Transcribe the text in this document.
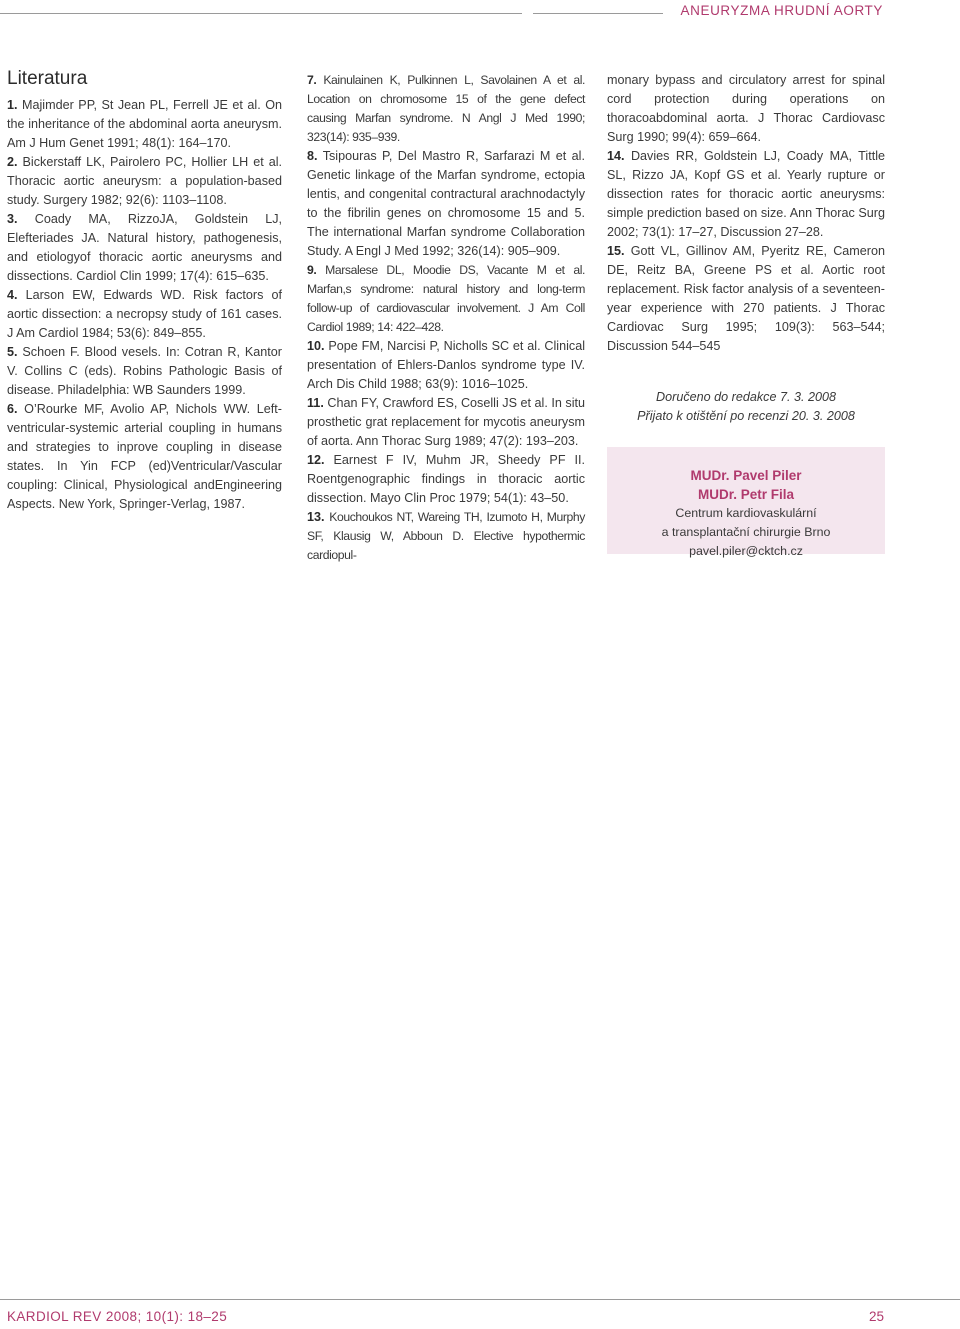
ANEURYZMA HRUDNÍ AORTY
Literatura

1. Majimder PP, St Jean PL, Ferrell JE et al. On the inheritance of the abdominal aorta aneurysm. Am J Hum Genet 1991; 48(1): 164–170.

2. Bickerstaff LK, Pairolero PC, Hollier LH et al. Thoracic aortic aneurysm: a population-based study. Surgery 1982; 92(6): 1103–1108.

3. Coady MA, RizzoJA, Goldstein LJ, Elefteriades JA. Natural history, pathogenesis, and etiologyof thoracic aortic aneurysms and dissections. Cardiol Clin 1999; 17(4): 615–635.

4. Larson EW, Edwards WD. Risk factors of aortic dissection: a necropsy study of 161 cases. J Am Cardiol 1984; 53(6): 849–855.

5. Schoen F. Blood vesels. In: Cotran R, Kantor V. Collins C (eds). Robins Pathologic Basis of disease. Philadelphia: WB Saunders 1999.

6. O’Rourke MF, Avolio AP, Nichols WW. Left-ventricular-systemic arterial coupling in humans and strategies to inprove coupling in disease states. In Yin FCP (ed)Ventricular/Vascular coupling: Clinical, Physiological andEngineering Aspects. New York, Springer-Verlag, 1987.

7. Kainulainen K, Pulkinnen L, Savolainen A et al. Location on chromosome 15 of the gene defect causing Marfan syndrome. N Angl J Med 1990; 323(14): 935–939.

8. Tsipouras P, Del Mastro R, Sarfarazi M et al. Genetic linkage of the Marfan syndrome, ectopia lentis, and congenital contractural arachnodactyly to the fibrilin genes on chromosome 15 and 5. The international Marfan syndrome Collaboration Study. A Engl J Med 1992; 326(14): 905–909.

9. Marsalese DL, Moodie DS, Vacante M et al. Marfan,s syndrome: natural history and long-term follow-up of cardiovascular involvement. J Am Coll Cardiol 1989; 14: 422–428.

10. Pope FM, Narcisi P, Nicholls SC et al. Clinical presentation of Ehlers-Danlos syndrome type IV. Arch Dis Child 1988; 63(9): 1016–1025.

11. Chan FY, Crawford ES, Coselli JS et al. In situ prosthetic grat replacement for mycotis aneurysm of aorta. Ann Thorac Surg 1989; 47(2): 193–203.

12. Earnest F IV, Muhm JR, Sheedy PF II. Roentgenographic findings in thoracic aortic dissection. Mayo Clin Proc 1979; 54(1): 43–50.

13. Kouchoukos NT, Wareing TH, Izumoto H, Murphy SF, Klausig W, Abboun D. Elective hypothermic cardiopul-

monary bypass and circulatory arrest for spinal cord protection during operations on thoracoabdominal aorta. J Thorac Cardiovasc Surg 1990; 99(4): 659–664.

14. Davies RR, Goldstein LJ, Coady MA, Tittle SL, Rizzo JA, Kopf GS et al. Yearly rupture or dissection rates for thoracic aortic aneurysms: simple prediction based on size. Ann Thorac Surg 2002; 73(1): 17–27, Discussion 27–28.

15. Gott VL, Gillinov AM, Pyeritz RE, Cameron DE, Reitz BA, Greene PS et al. Aortic root replacement. Risk factor analysis of a seventeen-year experience with 270 patients. J Thorac Cardiovac Surg 1995; 109(3): 563–544; Discussion 544–545

Doručeno do redakce 7. 3. 2008
Přijato k otištění po recenzi 20. 3. 2008
MUDr. Pavel Piler
MUDr. Petr Fila
Centrum kardiovaskulární
a transplantační chirurgie Brno
pavel.piler@cktch.cz
KARDIOL REV 2008; 10(1): 18–25	25
